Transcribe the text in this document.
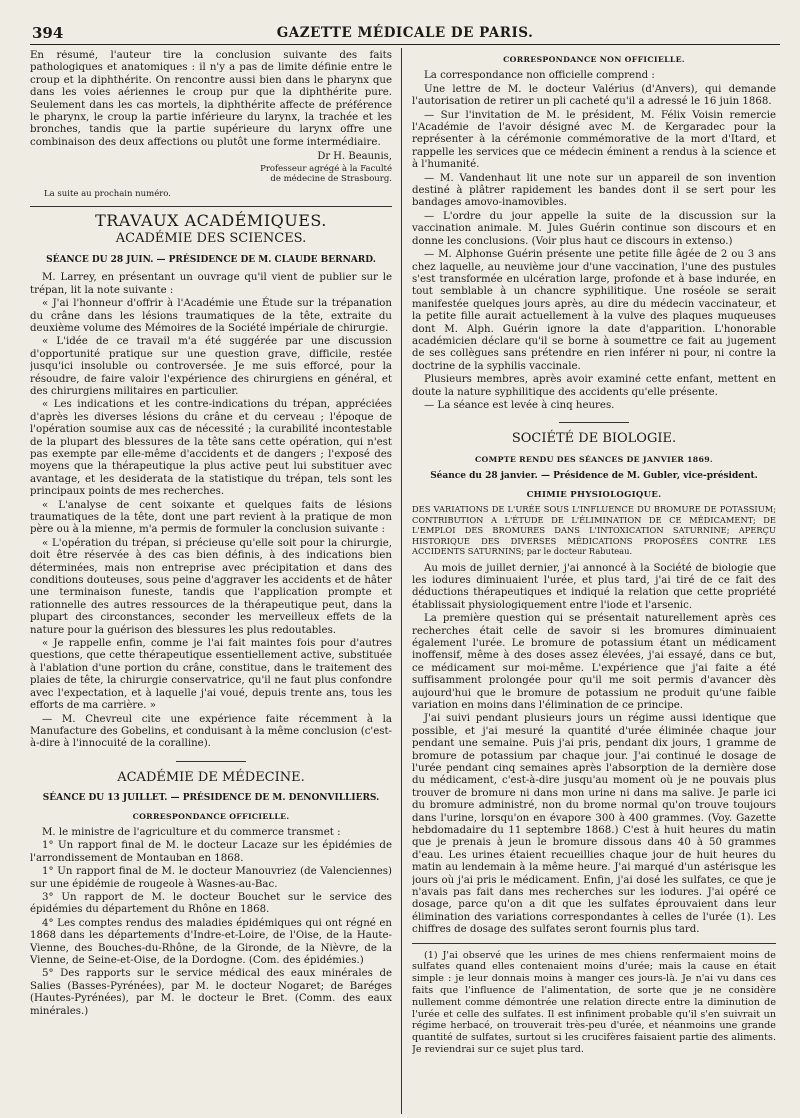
394	GAZETTE MÉDICALE DE PARIS.

En résumé, l'auteur tire la conclusion suivante des faits pathologiques et anatomiques : il n'y a pas de limite définie entre le croup et la diphthérite. On rencontre aussi bien dans le pharynx que dans les voies aériennes le croup pur que la diphthérite pure. Seulement dans les cas mortels, la diphthérite affecte de préférence le pharynx, le croup la partie inférieure du larynx, la trachée et les bronches, tandis que la partie supérieure du larynx offre une combinaison des deux affections ou plutôt une forme intermédiaire.

Dr H. Beaunis,
Professeur agrégé à la Faculté
de médecine de Strasbourg.

La suite au prochain numéro.

TRAVAUX ACADÉMIQUES.
ACADÉMIE DES SCIENCES.
SÉANCE DU 28 JUIN. — PRÉSIDENCE DE M. CLAUDE BERNARD.

M. Larrey, en présentant un ouvrage qu'il vient de publier sur le trépan, lit la note suivante :

« J'ai l'honneur d'offrir à l'Académie une Étude sur la trépanation du crâne dans les lésions traumatiques de la tête, extraite du deuxième volume des Mémoires de la Société impériale de chirurgie.

« L'idée de ce travail m'a été suggérée par une discussion d'opportunité pratique sur une question grave, difficile, restée jusqu'ici insoluble ou controversée. Je me suis efforcé, pour la résoudre, de faire valoir l'expérience des chirurgiens en général, et des chirurgiens militaires en particulier.

« Les indications et les contre-indications du trépan, appréciées d'après les diverses lésions du crâne et du cerveau ; l'époque de l'opération soumise aux cas de nécessité ; la curabilité incontestable de la plupart des blessures de la tête sans cette opération, qui n'est pas exempte par elle-même d'accidents et de dangers ; l'exposé des moyens que la thérapeutique la plus active peut lui substituer avec avantage, et les desiderata de la statistique du trépan, tels sont les principaux points de mes recherches.

« L'analyse de cent soixante et quelques faits de lésions traumatiques de la tête, dont une part revient à la pratique de mon père ou à la mienne, m'a permis de formuler la conclusion suivante :

« L'opération du trépan, si précieuse qu'elle soit pour la chirurgie, doit être réservée à des cas bien définis, à des indications bien déterminées, mais non entreprise avec précipitation et dans des conditions douteuses, sous peine d'aggraver les accidents et de hâter une terminaison funeste, tandis que l'application prompte et rationnelle des autres ressources de la thérapeutique peut, dans la plupart des circonstances, seconder les merveilleux effets de la nature pour la guérison des blessures les plus redoutables.

« Je rappelle enfin, comme je l'ai fait maintes fois pour d'autres questions, que cette thérapeutique essentiellement active, substituée à l'ablation d'une portion du crâne, constitue, dans le traitement des plaies de tête, la chirurgie conservatrice, qu'il ne faut plus confondre avec l'expectation, et à laquelle j'ai voué, depuis trente ans, tous les efforts de ma carrière. »

— M. Chevreul cite une expérience faite récemment à la Manufacture des Gobelins, et conduisant à la même conclusion (c'est-à-dire à l'innocuité de la coralline).

ACADÉMIE DE MÉDECINE.
SÉANCE DU 13 JUILLET. — PRÉSIDENCE DE M. DENONVILLIERS.
CORRESPONDANCE OFFICIELLE.

M. le ministre de l'agriculture et du commerce transmet :

1° Un rapport final de M. le docteur Lacaze sur les épidémies de l'arrondissement de Montauban en 1868.

1° Un rapport final de M. le docteur Manouvriez (de Valenciennes) sur une épidémie de rougeole à Wasnes-au-Bac.

3° Un rapport de M. le docteur Bouchet sur le service des épidémies du département du Rhône en 1868.

4° Les comptes rendus des maladies épidémiques qui ont régné en 1868 dans les départements d'Indre-et-Loire, de l'Oise, de la Haute-Vienne, des Bouches-du-Rhône, de la Gironde, de la Nièvre, de la Vienne, de Seine-et-Oise, de la Dordogne. (Com. des épidémies.)

5° Des rapports sur le service médical des eaux minérales de Salies (Basses-Pyrénées), par M. le docteur Nogaret; de Baréges (Hautes-Pyrénées), par M. le docteur le Bret. (Comm. des eaux minérales.)

CORRESPONDANCE NON OFFICIELLE.

La correspondance non officielle comprend :

Une lettre de M. le docteur Valérius (d'Anvers), qui demande l'autorisation de retirer un pli cacheté qu'il a adressé le 16 juin 1868.

— Sur l'invitation de M. le président, M. Félix Voisin remercie l'Académie de l'avoir désigné avec M. de Kergaradec pour la représenter à la cérémonie commémorative de la mort d'Itard, et rappelle les services que ce médecin éminent a rendus à la science et à l'humanité.

— M. Vandenhaut lit une note sur un appareil de son invention destiné à plâtrer rapidement les bandes dont il se sert pour les bandages amovo-inamovibles.

— L'ordre du jour appelle la suite de la discussion sur la vaccination animale. M. Jules Guérin continue son discours et en donne les conclusions. (Voir plus haut ce discours in extenso.)

— M. Alphonse Guérin présente une petite fille âgée de 2 ou 3 ans chez laquelle, au neuvième jour d'une vaccination, l'une des pustules s'est transformée en ulcération large, profonde et à base indurée, en tout semblable à un chancre syphilitique. Une roséole se serait manifestée quelques jours après, au dire du médecin vaccinateur, et la petite fille aurait actuellement à la vulve des plaques muqueuses dont M. Alph. Guérin ignore la date d'apparition. L'honorable académicien déclare qu'il se borne à soumettre ce fait au jugement de ses collègues sans prétendre en rien inférer ni pour, ni contre la doctrine de la syphilis vaccinale.

Plusieurs membres, après avoir examiné cette enfant, mettent en doute la nature syphilitique des accidents qu'elle présente.

— La séance est levée à cinq heures.

SOCIÉTÉ DE BIOLOGIE.
COMPTE RENDU DES SÉANCES DE JANVIER 1869.
Séance du 28 janvier. — Présidence de M. Gubler, vice-président.
CHIMIE PHYSIOLOGIQUE.

DES VARIATIONS DE L'URÉE SOUS L'INFLUENCE DU BROMURE DE POTASSIUM; CONTRIBUTION A L'ÉTUDE DE L'ÉLIMINATION DE CE MÉDICAMENT; DE L'EMPLOI DES BROMURES DANS L'INTOXICATION SATURNINE; APERÇU HISTORIQUE DES DIVERSES MÉDICATIONS PROPOSÉES CONTRE LES ACCIDENTS SATURNINS; par le docteur Rabuteau.

Au mois de juillet dernier, j'ai annoncé à la Société de biologie que les iodures diminuaient l'urée, et plus tard, j'ai tiré de ce fait des déductions thérapeutiques et indiqué la relation que cette propriété établissait physiologiquement entre l'iode et l'arsenic.

La première question qui se présentait naturellement après ces recherches était celle de savoir si les bromures diminuaient également l'urée. Le bromure de potassium étant un médicament inoffensif, même à des doses assez élevées, j'ai essayé, dans ce but, ce médicament sur moi-même. L'expérience que j'ai faite a été suffisamment prolongée pour qu'il me soit permis d'avancer dès aujourd'hui que le bromure de potassium ne produit qu'une faible variation en moins dans l'élimination de ce principe.

J'ai suivi pendant plusieurs jours un régime aussi identique que possible, et j'ai mesuré la quantité d'urée éliminée chaque jour pendant une semaine. Puis j'ai pris, pendant dix jours, 1 gramme de bromure de potassium par chaque jour. J'ai continué le dosage de l'urée pendant cinq semaines après l'absorption de la dernière dose du médicament, c'est-à-dire jusqu'au moment où je ne pouvais plus trouver de bromure ni dans mon urine ni dans ma salive. Je parle ici du bromure administré, non du brome normal qu'on trouve toujours dans l'urine, lorsqu'on en évapore 300 à 400 grammes. (Voy. Gazette hebdomadaire du 11 septembre 1868.) C'est à huit heures du matin que je prenais à jeun le bromure dissous dans 40 à 50 grammes d'eau. Les urines étaient recueillies chaque jour de huit heures du matin au lendemain à la même heure. J'ai marqué d'un astérisque les jours où j'ai pris le médicament. Enfin, j'ai dosé les sulfates, ce que je n'avais pas fait dans mes recherches sur les iodures. J'ai opéré ce dosage, parce qu'on a dit que les sulfates éprouvaient dans leur élimination des variations correspondantes à celles de l'urée (1). Les chiffres de dosage des sulfates seront fournis plus tard.

(1) J'ai observé que les urines de mes chiens renfermaient moins de sulfates quand elles contenaient moins d'urée; mais la cause en était simple : je leur donnais moins à manger ces jours-là. Je n'ai vu dans ces faits que l'influence de l'alimentation, de sorte que je ne considère nullement comme démontrée une relation directe entre la diminution de l'urée et celle des sulfates. Il est infiniment probable qu'il s'en suivrait un régime herbacé, on trouverait très-peu d'urée, et néanmoins une grande quantité de sulfates, surtout si les crucifères faisaient partie des aliments. Je reviendrai sur ce sujet plus tard.
